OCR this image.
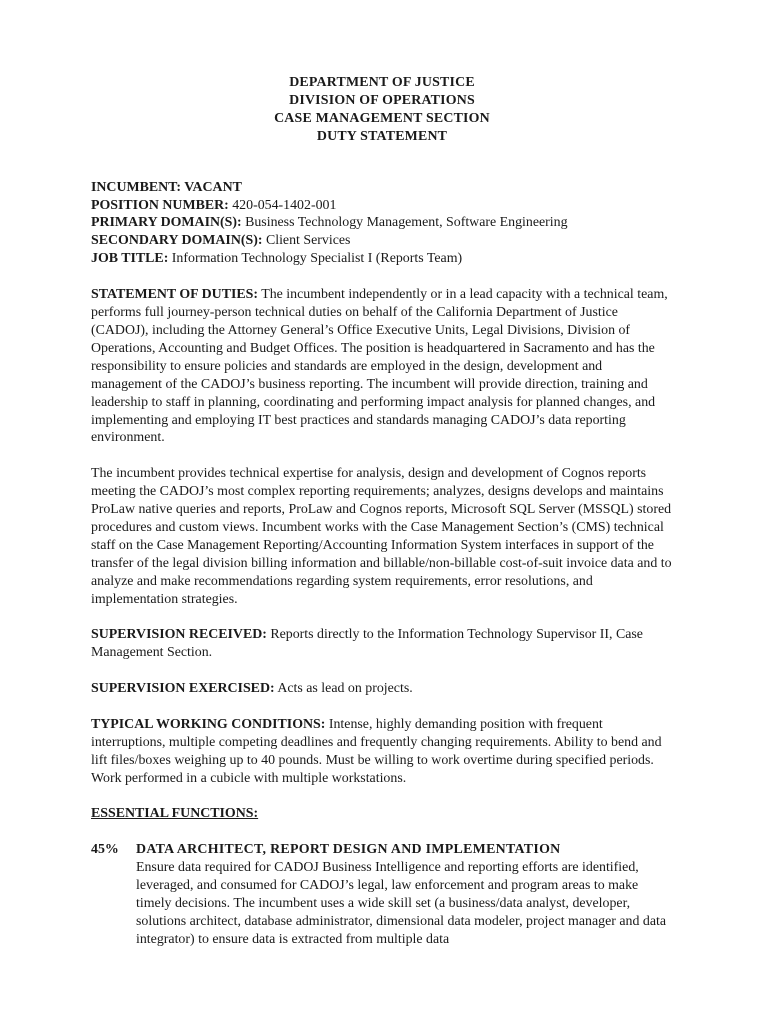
DEPARTMENT OF JUSTICE
DIVISION OF OPERATIONS
CASE MANAGEMENT SECTION
DUTY STATEMENT
INCUMBENT: VACANT
POSITION NUMBER: 420-054-1402-001
PRIMARY DOMAIN(S): Business Technology Management, Software Engineering
SECONDARY DOMAIN(S): Client Services
JOB TITLE: Information Technology Specialist I (Reports Team)

STATEMENT OF DUTIES: The incumbent independently or in a lead capacity with a technical team, performs full journey-person technical duties on behalf of the California Department of Justice (CADOJ), including the Attorney General’s Office Executive Units, Legal Divisions, Division of Operations, Accounting and Budget Offices. The position is headquartered in Sacramento and has the responsibility to ensure policies and standards are employed in the design, development and management of the CADOJ’s business reporting. The incumbent will provide direction, training and leadership to staff in planning, coordinating and performing impact analysis for planned changes, and implementing and employing IT best practices and standards managing CADOJ’s data reporting environment.

The incumbent provides technical expertise for analysis, design and development of Cognos reports meeting the CADOJ’s most complex reporting requirements; analyzes, designs develops and maintains ProLaw native queries and reports, ProLaw and Cognos reports, Microsoft SQL Server (MSSQL) stored procedures and custom views. Incumbent works with the Case Management Section’s (CMS) technical staff on the Case Management Reporting/Accounting Information System interfaces in support of the transfer of the legal division billing information and billable/non-billable cost-of-suit invoice data and to analyze and make recommendations regarding system requirements, error resolutions, and implementation strategies.

SUPERVISION RECEIVED: Reports directly to the Information Technology Supervisor II, Case Management Section.

SUPERVISION EXERCISED: Acts as lead on projects.

TYPICAL WORKING CONDITIONS: Intense, highly demanding position with frequent interruptions, multiple competing deadlines and frequently changing requirements. Ability to bend and lift files/boxes weighing up to 40 pounds. Must be willing to work overtime during specified periods. Work performed in a cubicle with multiple workstations.

ESSENTIAL FUNCTIONS:

45%	DATA ARCHITECT, REPORT DESIGN AND IMPLEMENTATION
Ensure data required for CADOJ Business Intelligence and reporting efforts are identified, leveraged, and consumed for CADOJ’s legal, law enforcement and program areas to make timely decisions. The incumbent uses a wide skill set (a business/data analyst, developer, solutions architect, database administrator, dimensional data modeler, project manager and data integrator) to ensure data is extracted from multiple data
